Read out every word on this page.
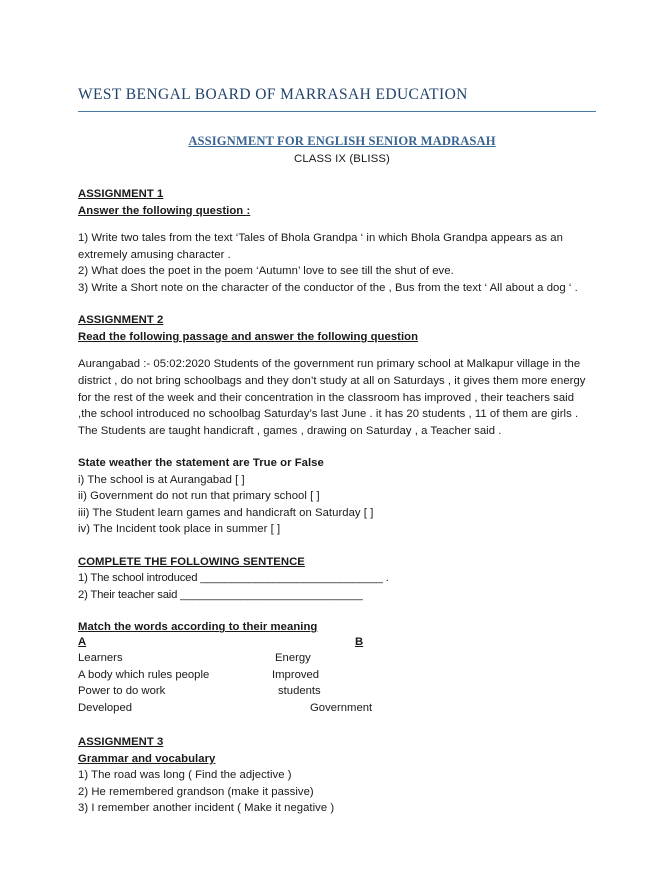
WEST BENGAL BOARD OF MARRASAH EDUCATION
ASSIGNMENT FOR ENGLISH SENIOR MADRASAH
CLASS IX (BLISS)
ASSIGNMENT 1
Answer the following question :
1) Write two tales from the text ‘Tales of Bhola Grandpa ‘ in which Bhola Grandpa appears as an extremely amusing character .
2) What does the poet in the poem ‘Autumn’ love to see till the shut of eve.
3) Write a Short note on the character of the conductor of the , Bus from the text ‘ All about a dog ‘ .
ASSIGNMENT 2
Read the following passage and answer the following question
Aurangabad :- 05:02:2020 Students of the government run primary school at Malkapur village in the district , do not bring schoolbags and they don’t study at all on Saturdays , it gives them more energy for the rest of the week and their concentration in the classroom has improved , their teachers said ,the school introduced no schoolbag Saturday’s last June . it has 20 students , 11 of them are girls . The Students are taught handicraft , games , drawing on Saturday , a Teacher said .
State weather the statement are True or False
i) The school is at Aurangabad [ ]
ii) Government do not run that primary school [ ]
iii) The Student learn games and handicraft on Saturday [ ]
iv) The Incident took place in summer [ ]
COMPLETE THE FOLLOWING SENTENCE
1) The school introduced ______________________________ .
2) Their teacher said ______________________________
Match the words according to their meaning
A	B
Learners	Energy
A body which rules people	Improved
Power to do work	students
Developed	Government
ASSIGNMENT 3
Grammar and vocabulary
1) The road was long ( Find the adjective )
2) He remembered grandson (make it passive)
3) I remember another incident ( Make it negative )
